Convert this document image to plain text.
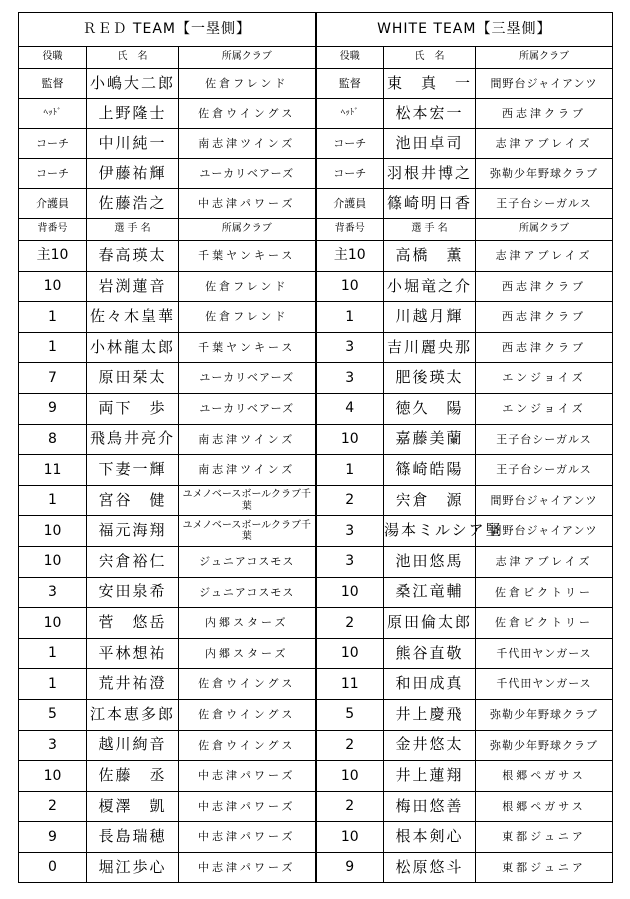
ＲＥＤ TEAM【一塁側】			WHITE TEAM【三塁側】		
役職	氏　名	所属クラブ	役職	氏　名	所属クラブ
監督	小嶋大二郎	佐倉フレンド	監督	東　真　一	間野台ジャイアンツ
ﾍｯﾄﾞ	上野隆士	佐倉ウイングス	ﾍｯﾄﾞ	松本宏一	西志津クラブ
コーチ	中川純一	南志津ツインズ	コーチ	池田卓司	志津アブレイズ
コーチ	伊藤祐輝	ユーカリベアーズ	コーチ	羽根井博之	弥勒少年野球クラブ
介護員	佐藤浩之	中志津パワーズ	介護員	篠崎明日香	王子台シーガルス
背番号	選 手 名	所属クラブ	背番号	選 手 名	所属クラブ
主10	春高瑛太	千葉ヤンキース	主10	高橋　薫	志津アブレイズ
10	岩渕蓮音	佐倉フレンド	10	小堀竜之介	西志津クラブ
1	佐々木皇華	佐倉フレンド	1	川越月輝	西志津クラブ
1	小林龍太郎	千葉ヤンキース	3	吉川麗央那	西志津クラブ
7	原田栞太	ユーカリベアーズ	3	肥後瑛太	エンジョイズ
9	両下　歩	ユーカリベアーズ	4	徳久　陽	エンジョイズ
8	飛鳥井亮介	南志津ツインズ	10	嘉藤美蘭	王子台シーガルス
11	下妻一輝	南志津ツインズ	1	篠崎皓陽	王子台シーガルス
1	宮谷　健	ユメノベースボールクラブ千葉	2	宍倉　源	間野台ジャイアンツ
10	福元海翔	ユメノベースボールクラブ千葉	3	湯本ミルシア堅	間野台ジャイアンツ
10	宍倉裕仁	ジュニアコスモス	3	池田悠馬	志津アブレイズ
3	安田泉希	ジュニアコスモス	10	桑江竜輔	佐倉ビクトリー
10	菅　悠岳	内郷スターズ	2	原田倫太郎	佐倉ビクトリー
1	平林想祐	内郷スターズ	10	熊谷直敬	千代田ヤンガース
1	荒井祐澄	佐倉ウイングス	11	和田成真	千代田ヤンガース
5	江本恵多郎	佐倉ウイングス	5	井上慶飛	弥勒少年野球クラブ
3	越川絢音	佐倉ウイングス	2	金井悠太	弥勒少年野球クラブ
10	佐藤　丞	中志津パワーズ	10	井上蓮翔	根郷ペガサス
2	榎澤　凱	中志津パワーズ	2	梅田悠善	根郷ペガサス
9	長島瑞穂	中志津パワーズ	10	根本剣心	東都ジュニア
0	堀江歩心	中志津パワーズ	9	松原悠斗	東都ジュニア
